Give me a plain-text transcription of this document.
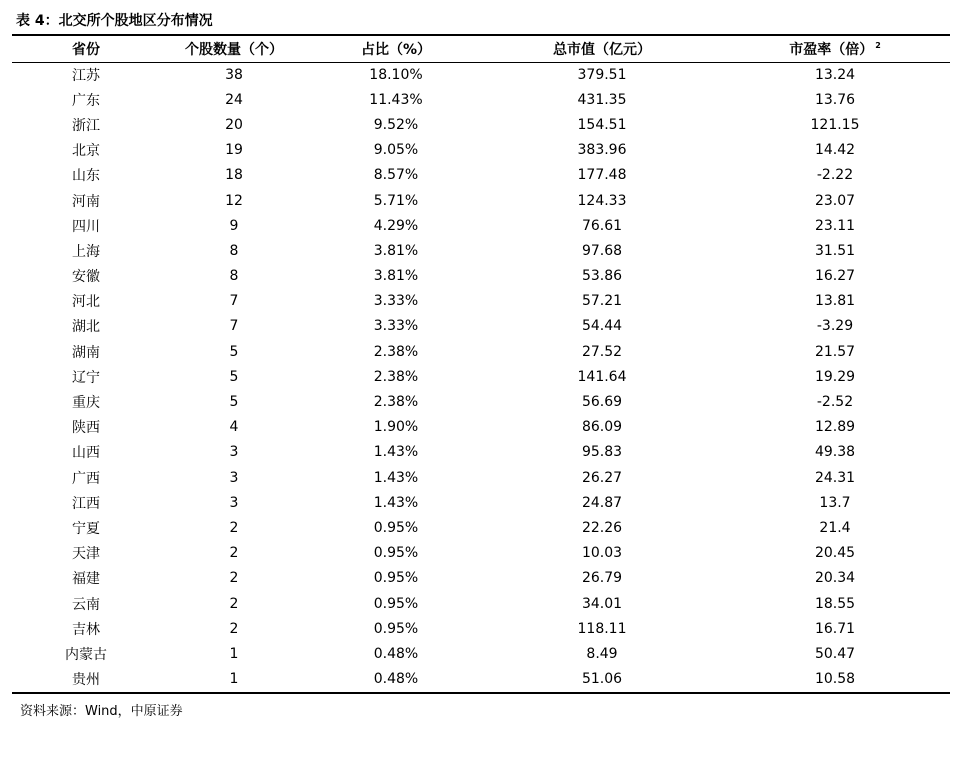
表 4：北交所个股地区分布情况
省份	个股数量（个）	占比（%）	总市值（亿元）	市盈率（倍） $^2$
江苏	38	18.10%	379.51	13.24
广东	24	11.43%	431.35	13.76
浙江	20	9.52%	154.51	121.15
北京	19	9.05%	383.96	14.42
山东	18	8.57%	177.48	-2.22
河南	12	5.71%	124.33	23.07
四川	9	4.29%	76.61	23.11
上海	8	3.81%	97.68	31.51
安徽	8	3.81%	53.86	16.27
河北	7	3.33%	57.21	13.81
湖北	7	3.33%	54.44	-3.29
湖南	5	2.38%	27.52	21.57
辽宁	5	2.38%	141.64	19.29
重庆	5	2.38%	56.69	-2.52
陕西	4	1.90%	86.09	12.89
山西	3	1.43%	95.83	49.38
广西	3	1.43%	26.27	24.31
江西	3	1.43%	24.87	13.7
宁夏	2	0.95%	22.26	21.4
天津	2	0.95%	10.03	20.45
福建	2	0.95%	26.79	20.34
云南	2	0.95%	34.01	18.55
吉林	2	0.95%	118.11	16.71
内蒙古	1	0.48%	8.49	50.47
贵州	1	0.48%	51.06	10.58
资料来源：Wind，中原证券
